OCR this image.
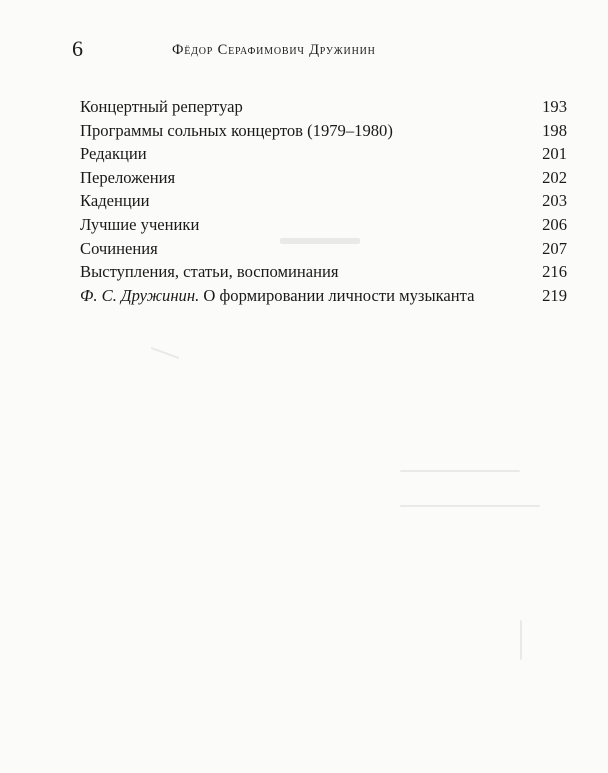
6	Фёдор Серафимович Дружинин
Концертный репертуар	193
Программы сольных концертов (1979–1980)	198
Редакции	201
Переложения	202
Каденции	203
Лучшие ученики	206
Сочинения	207
Выступления, статьи, воспоминания	216
Ф. С. Дружинин. О формировании личности музыканта	219
